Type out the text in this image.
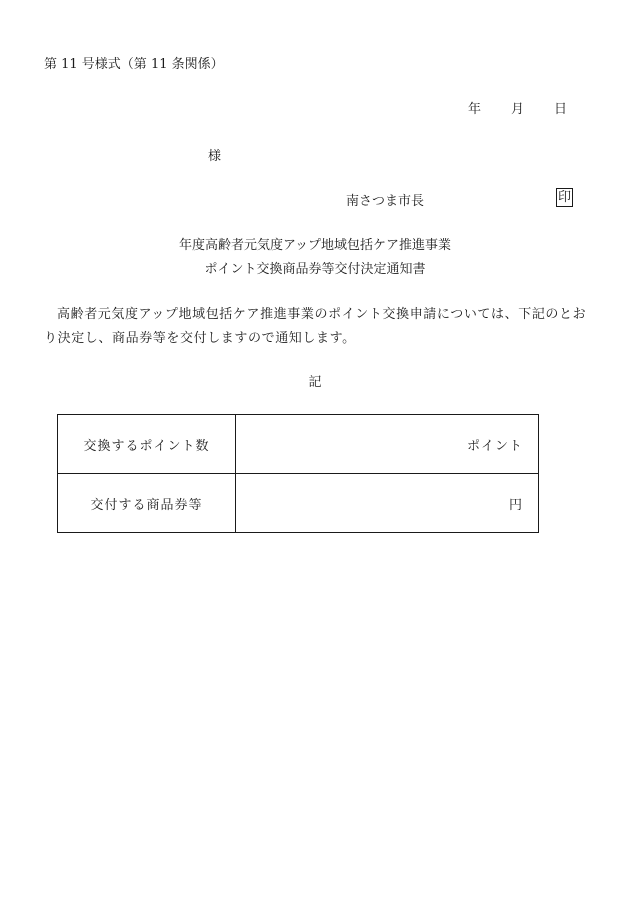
第 11 号様式（第 11 条関係）
年 月 日
様
南さつま市長	印
年度高齢者元気度アップ地域包括ケア推進事業
ポイント交換商品券等交付決定通知書
高齢者元気度アップ地域包括ケア推進事業のポイント交換申請については、下記のとおり決定し、商品券等を交付しますので通知します。
記
交換するポイント数	ポイント
交付する商品券等	円
